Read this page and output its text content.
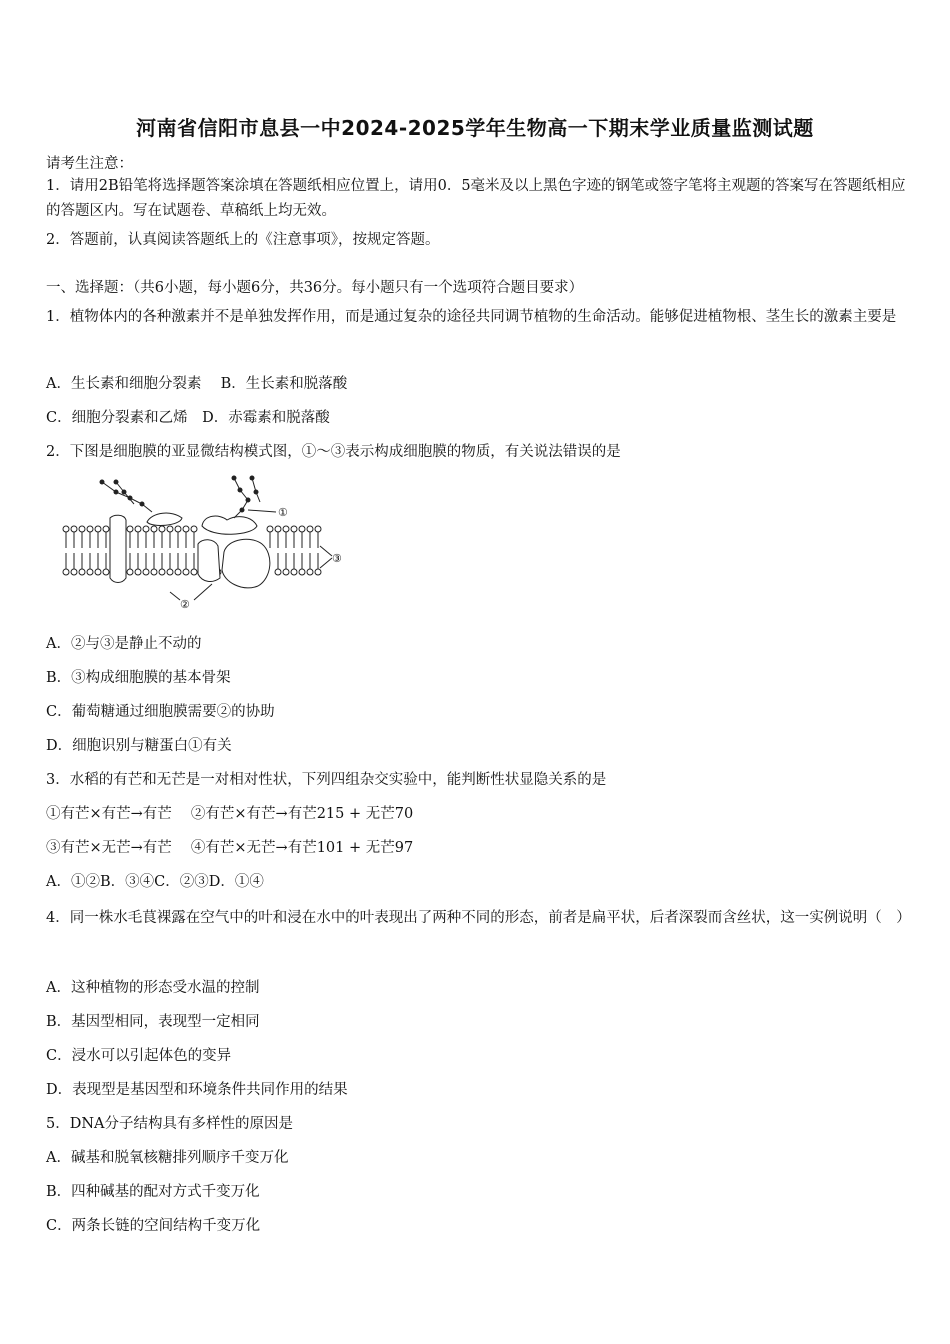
河南省信阳市息县一中2024-2025学年生物高一下期末学业质量监测试题
请考生注意：
1．请用2B铅笔将选择题答案涂填在答题纸相应位置上，请用0．5毫米及以上黑色字迹的钢笔或签字笔将主观题的答案写在答题纸相应的答题区内。写在试题卷、草稿纸上均无效。
2．答题前，认真阅读答题纸上的《注意事项》，按规定答题。
一、选择题：（共6小题，每小题6分，共36分。每小题只有一个选项符合题目要求）
1．植物体内的各种激素并不是单独发挥作用，而是通过复杂的途径共同调节植物的生命活动。能够促进植物根、茎生长的激素主要是
A．生长素和细胞分裂素　 B．生长素和脱落酸
C．细胞分裂素和乙烯　D．赤霉素和脱落酸
2．下图是细胞膜的亚显微结构模式图，①～③表示构成细胞膜的物质，有关说法错误的是
①
③
②
A．②与③是静止不动的
B．③构成细胞膜的基本骨架
C．葡萄糖通过细胞膜需要②的协助
D．细胞识别与糖蛋白①有关
3．水稻的有芒和无芒是一对相对性状，下列四组杂交实验中，能判断性状显隐关系的是
①有芒×有芒→有芒　 ②有芒×有芒→有芒215 + 无芒70
③有芒×无芒→有芒　 ④有芒×无芒→有芒101 + 无芒97
A．①②B．③④C．②③D．①④
4．同一株水毛茛裸露在空气中的叶和浸在水中的叶表现出了两种不同的形态，前者是扁平状，后者深裂而含丝状，这一实例说明（　）
A．这种植物的形态受水温的控制
B．基因型相同，表现型一定相同
C．浸水可以引起体色的变异
D．表现型是基因型和环境条件共同作用的结果
5．DNA分子结构具有多样性的原因是
A．碱基和脱氧核糖排列顺序千变万化
B．四种碱基的配对方式千变万化
C．两条长链的空间结构千变万化
